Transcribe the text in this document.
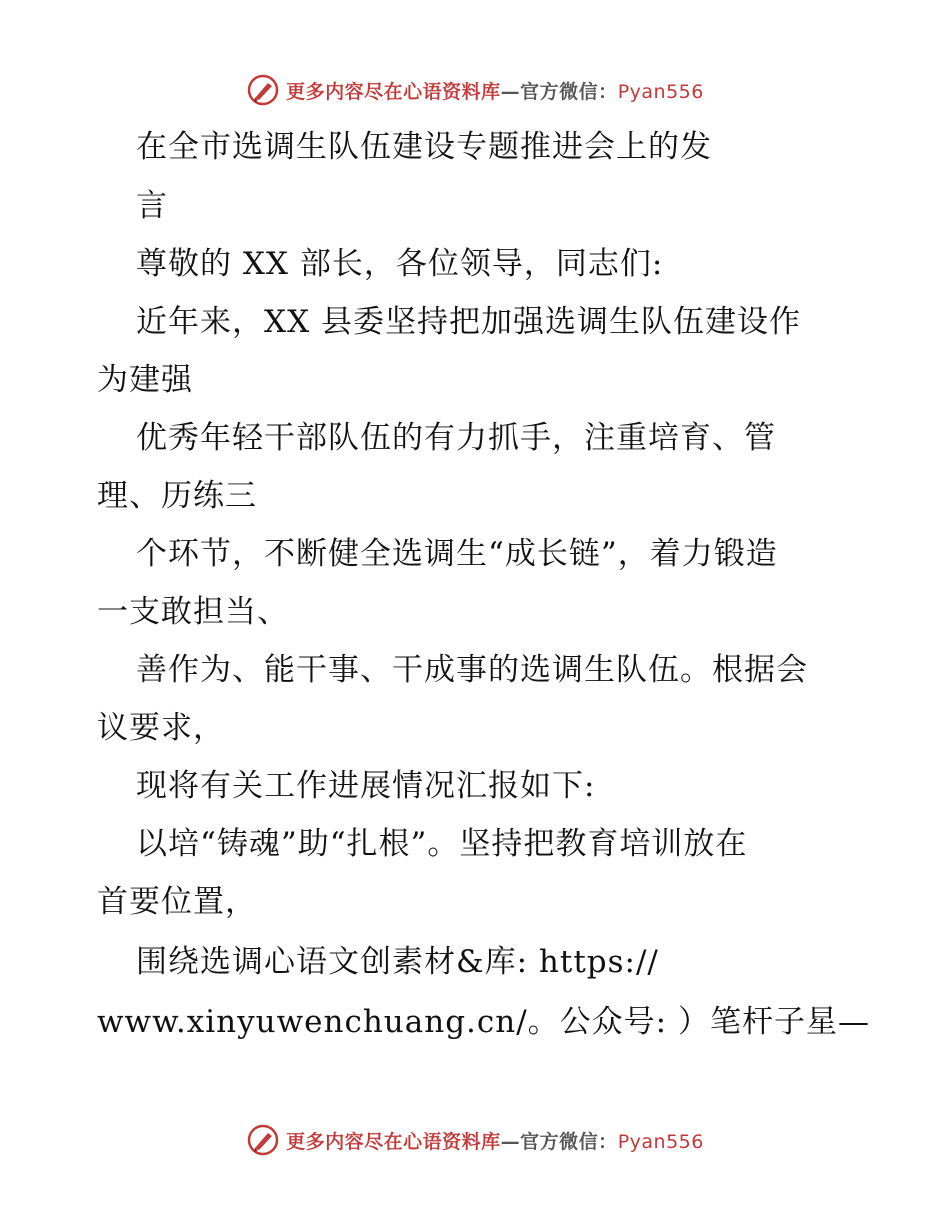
更多内容尽在心语资料库—官方微信：Pyan556
在全市选调生队伍建设专题推进会上的发
言
尊敬的 XX 部长，各位领导，同志们:
近年来，XX 县委坚持把加强选调生队伍建设作
为建强
优秀年轻干部队伍的有力抓手，注重培育、管
理、历练三
个环节，不断健全选调生“成长链”，着力锻造
一支敢担当、
善作为、能干事、干成事的选调生队伍。根据会
议要求，
现将有关工作进展情况汇报如下:
以培“铸魂”助“扎根”。坚持把教育培训放在
首要位置，
围绕选调心语文创素材&库: https://
www.xinyuwenchuang.cn/。公众号: ）笔杆子星—
更多内容尽在心语资料库—官方微信：Pyan556
